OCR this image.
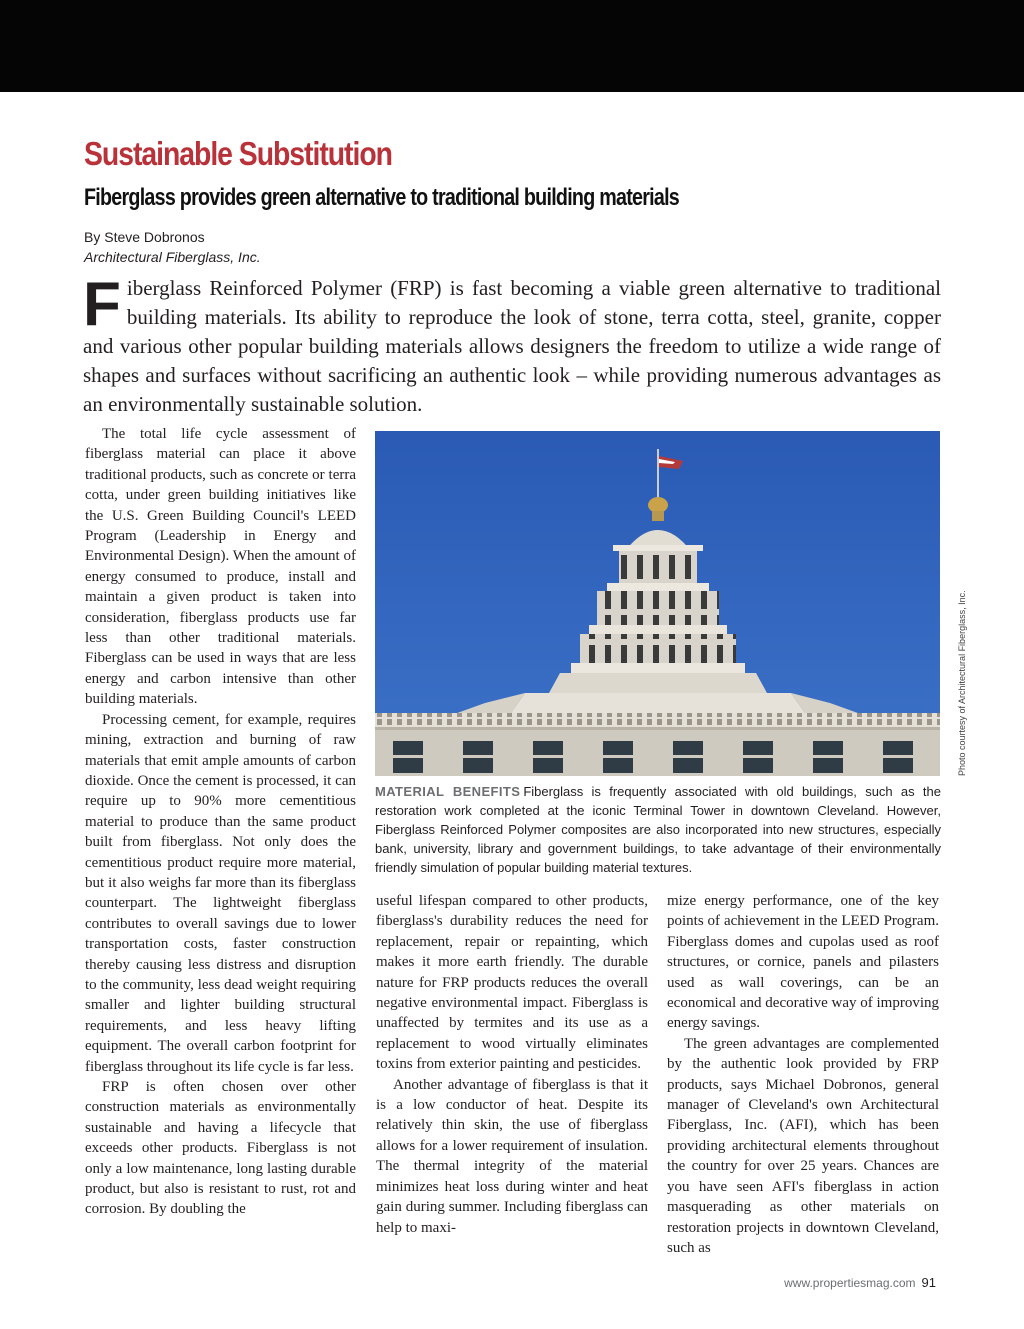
Sustainable Substitution
Fiberglass provides green alternative to traditional building materials
By Steve Dobronos
Architectural Fiberglass, Inc.

Fiberglass Reinforced Polymer (FRP) is fast becoming a viable green alternative to traditional building materials. Its ability to reproduce the look of stone, terra cotta, steel, granite, copper and various other popular building materials allows designers the freedom to utilize a wide range of shapes and surfaces without sacrificing an authentic look – while providing numerous advantages as an environmentally sustainable solution.

The total life cycle assessment of fiberglass material can place it above traditional products, such as concrete or terra cotta, under green building initiatives like the U.S. Green Building Council's LEED Program (Leadership in Energy and Environmental Design). When the amount of energy consumed to produce, install and maintain a given product is taken into consideration, fiberglass products use far less than other traditional materials. Fiberglass can be used in ways that are less energy and carbon intensive than other building materials.

Processing cement, for example, requires mining, extraction and burning of raw materials that emit ample amounts of carbon dioxide. Once the cement is processed, it can require up to 90% more cementitious material to produce than the same product built from fiberglass. Not only does the cementitious product require more material, but it also weighs far more than its fiberglass counterpart. The lightweight fiberglass contributes to overall savings due to lower transportation costs, faster construction thereby causing less distress and disruption to the community, less dead weight requiring smaller and lighter building structural requirements, and less heavy lifting equipment. The overall carbon footprint for fiberglass throughout its life cycle is far less.

FRP is often chosen over other construction materials as environmentally sustainable and having a lifecycle that exceeds other products. Fiberglass is not only a low maintenance, long lasting durable product, but also is resistant to rust, rot and corrosion. By doubling the

Photo courtesy of Architectural Fiberglass, Inc.

MATERIAL BENEFITS Fiberglass is frequently associated with old buildings, such as the restoration work completed at the iconic Terminal Tower in downtown Cleveland. However, Fiberglass Reinforced Polymer composites are also incorporated into new structures, especially bank, university, library and government buildings, to take advantage of their environmentally friendly simulation of popular building material textures.

useful lifespan compared to other products, fiberglass's durability reduces the need for replacement, repair or repainting, which makes it more earth friendly. The durable nature for FRP products reduces the overall negative environmental impact. Fiberglass is unaffected by termites and its use as a replacement to wood virtually eliminates toxins from exterior painting and pesticides.

Another advantage of fiberglass is that it is a low conductor of heat. Despite its relatively thin skin, the use of fiberglass allows for a lower requirement of insulation. The thermal integrity of the material minimizes heat loss during winter and heat gain during summer. Including fiberglass can help to maxi-

mize energy performance, one of the key points of achievement in the LEED Program. Fiberglass domes and cupolas used as roof structures, or cornice, panels and pilasters used as wall coverings, can be an economical and decorative way of improving energy savings.

The green advantages are complemented by the authentic look provided by FRP products, says Michael Dobronos, general manager of Cleveland's own Architectural Fiberglass, Inc. (AFI), which has been providing architectural elements throughout the country for over 25 years. Chances are you have seen AFI's fiberglass in action masquerading as other materials on restoration projects in downtown Cleveland, such as

www.propertiesmag.com 91
